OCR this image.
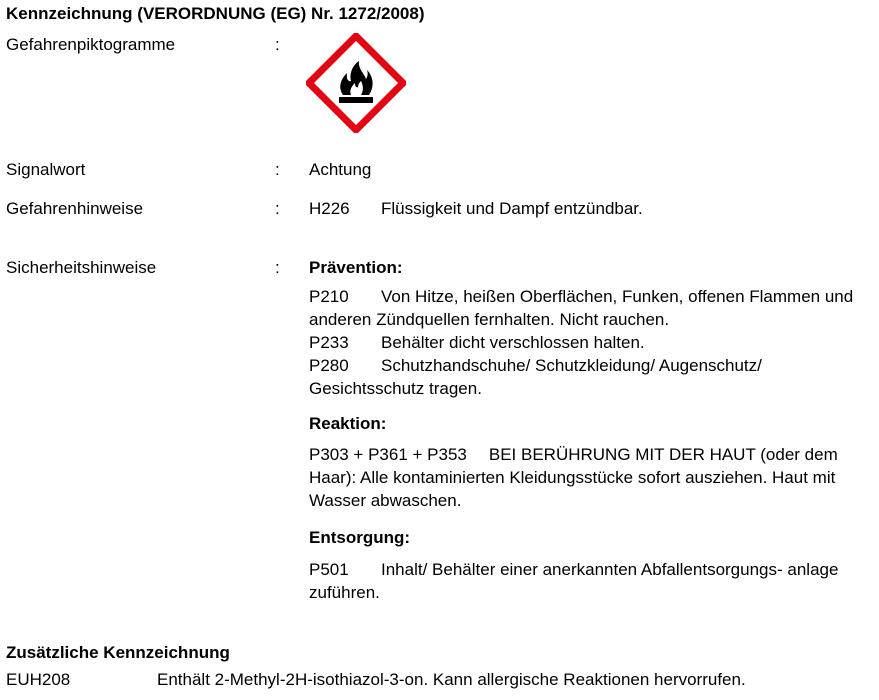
Kennzeichnung (VERORDNUNG (EG) Nr. 1272/2008)
Gefahrenpiktogramme	:
Signalwort	: Achtung
Gefahrenhinweise	: H226 Flüssigkeit und Dampf entzündbar.
Sicherheitshinweise	: Prävention:
P210 Von Hitze, heißen Oberflächen, Funken, offenen Flammen und anderen Zündquellen fernhalten. Nicht rauchen.
P233 Behälter dicht verschlossen halten.
P280 Schutzhandschuhe/ Schutzkleidung/ Augenschutz/ Gesichtsschutz tragen.
Reaktion:
P303 + P361 + P353 BEI BERÜHRUNG MIT DER HAUT (oder dem Haar): Alle kontaminierten Kleidungsstücke sofort ausziehen. Haut mit Wasser abwaschen.
Entsorgung:
P501 Inhalt/ Behälter einer anerkannten Abfallentsorgungs- anlage zuführen.
Zusätzliche Kennzeichnung
EUH208	Enthält 2-Methyl-2H-isothiazol-3-on. Kann allergische Reaktionen hervorrufen.
